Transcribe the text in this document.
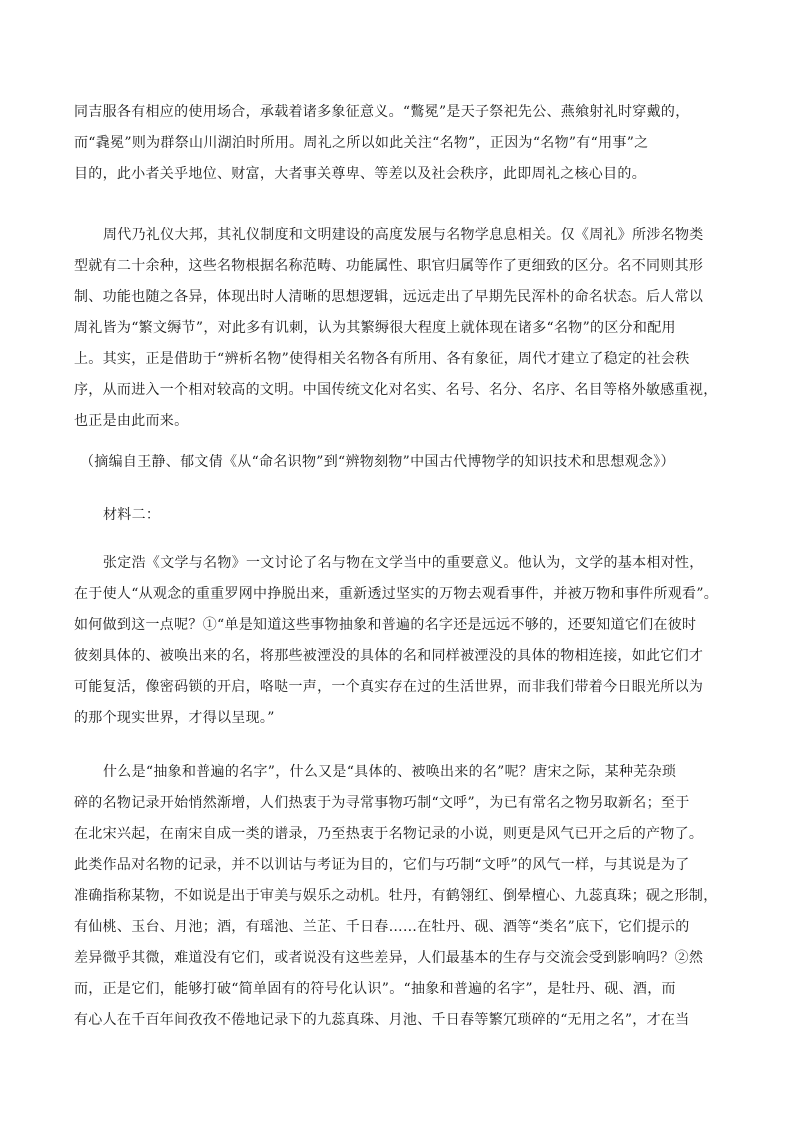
同吉服各有相应的使用场合，承载着诸多象征意义。“鷩冕”是天子祭祀先公、燕飨射礼时穿戴的，
而“毳冕”则为群祭山川湖泊时所用。周礼之所以如此关注“名物”，正因为“名物”有“用事”之
目的，此小者关乎地位、财富，大者事关尊卑、等差以及社会秩序，此即周礼之核心目的。
周代乃礼仪大邦，其礼仪制度和文明建设的高度发展与名物学息息相关。仅《周礼》所涉名物类
型就有二十余种，这些名物根据名称范畴、功能属性、职官归属等作了更细致的区分。名不同则其形
制、功能也随之各异，体现出时人清晰的思想逻辑，远远走出了早期先民浑朴的命名状态。后人常以
周礼皆为“繁文缛节”，对此多有讥刺，认为其繁缛很大程度上就体现在诸多“名物”的区分和配用
上。其实，正是借助于“辨析名物”使得相关名物各有所用、各有象征，周代才建立了稳定的社会秩
序，从而进入一个相对较高的文明。中国传统文化对名实、名号、名分、名序、名目等格外敏感重视，
也正是由此而来。
（摘编自王静、郁文倩《从“命名识物”到“辨物刻物”中国古代博物学的知识技术和思想观念》）
材料二：
张定浩《文学与名物》一文讨论了名与物在文学当中的重要意义。他认为，文学的基本相对性，
在于使人“从观念的重重罗网中挣脱出来，重新透过坚实的万物去观看事件，并被万物和事件所观看”。
如何做到这一点呢？①“单是知道这些事物抽象和普遍的名字还是远远不够的，还要知道它们在彼时
彼刻具体的、被唤出来的名，将那些被湮没的具体的名和同样被湮没的具体的物相连接，如此它们才
可能复活，像密码锁的开启，咯哒一声，一个真实存在过的生活世界，而非我们带着今日眼光所以为
的那个现实世界，才得以呈现。”
什么是“抽象和普遍的名字”，什么又是“具体的、被唤出来的名”呢？唐宋之际，某种芜杂琐
碎的名物记录开始悄然渐增，人们热衷于为寻常事物巧制“文呼”，为已有常名之物另取新名；至于
在北宋兴起，在南宋自成一类的谱录，乃至热衷于名物记录的小说，则更是风气已开之后的产物了。
此类作品对名物的记录，并不以训诂与考证为目的，它们与巧制“文呼”的风气一样，与其说是为了
准确指称某物，不如说是出于审美与娱乐之动机。牡丹，有鹤翎红、倒晕檀心、九蕊真珠；砚之形制，
有仙桃、玉台、月池；酒，有瑶池、兰芷、千日春……在牡丹、砚、酒等“类名”底下，它们提示的
差异微乎其微，难道没有它们，或者说没有这些差异，人们最基本的生存与交流会受到影响吗？②然
而，正是它们，能够打破“简单固有的符号化认识”。“抽象和普遍的名字”，是牡丹、砚、酒，而
有心人在千百年间孜孜不倦地记录下的九蕊真珠、月池、千日春等繁冗琐碎的“无用之名”，才在当
